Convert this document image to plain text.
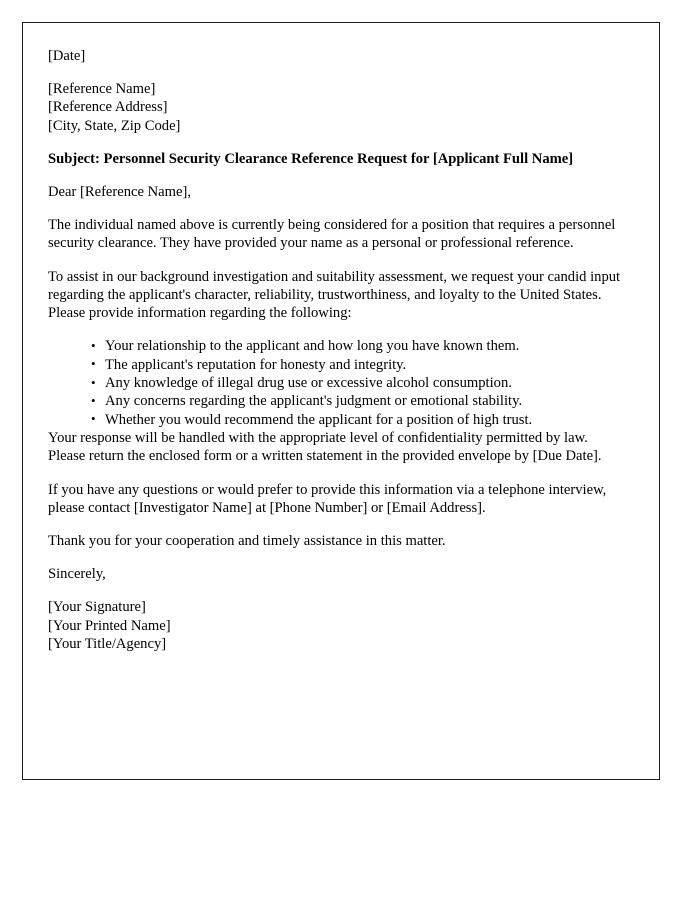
[Date]

[Reference Name]
[Reference Address]
[City, State, Zip Code]

Subject: Personnel Security Clearance Reference Request for [Applicant Full Name]

Dear [Reference Name],

The individual named above is currently being considered for a position that requires a personnel security clearance. They have provided your name as a personal or professional reference.

To assist in our background investigation and suitability assessment, we request your candid input regarding the applicant's character, reliability, trustworthiness, and loyalty to the United States. Please provide information regarding the following:

• Your relationship to the applicant and how long you have known them.
• The applicant's reputation for honesty and integrity.
• Any knowledge of illegal drug use or excessive alcohol consumption.
• Any concerns regarding the applicant's judgment or emotional stability.
• Whether you would recommend the applicant for a position of high trust.

Your response will be handled with the appropriate level of confidentiality permitted by law. Please return the enclosed form or a written statement in the provided envelope by [Due Date].

If you have any questions or would prefer to provide this information via a telephone interview, please contact [Investigator Name] at [Phone Number] or [Email Address].

Thank you for your cooperation and timely assistance in this matter.

Sincerely,

[Your Signature]
[Your Printed Name]
[Your Title/Agency]
